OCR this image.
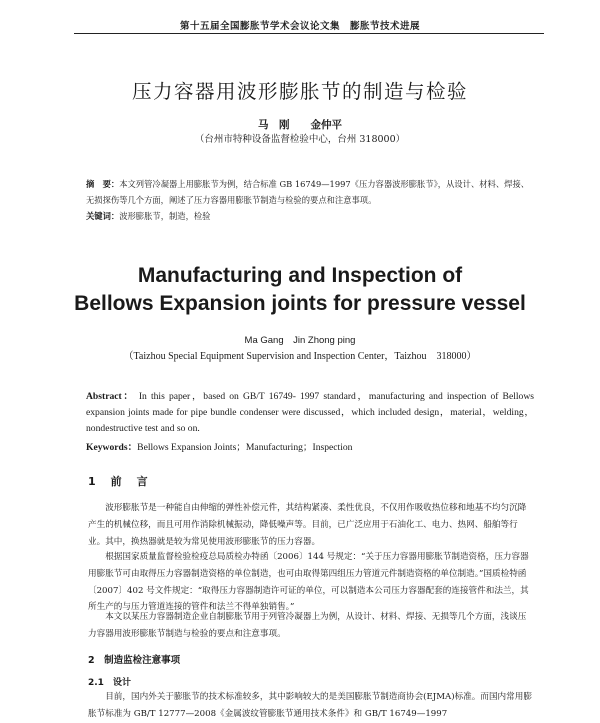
第十五届全国膨胀节学术会议论文集　膨胀节技术进展
压力容器用波形膨胀节的制造与检验
马　刚　　金仲平
（台州市特种设备监督检验中心，台州 318000）
摘　要：本文列管冷凝器上用膨胀节为例，结合标准 GB 16749—1997《压力容器波形膨胀节》，从设计、材料、焊接、无损探伤等几个方面，阐述了压力容器用膨胀节制造与检验的要点和注意事项。
关键词：波形膨胀节，制造，检验
Manufacturing and Inspection of
Bellows Expansion joints for pressure vessel
Ma Gang　Jin Zhong ping
（Taizhou Special Equipment Supervision and Inspection Center，Taizhou　318000）
Abstract： In this paper，based on GB/T 16749- 1997 standard，manufacturing and inspection of Bellows expansion joints made for pipe bundle condenser were discussed，which included design，material，welding，nondestructive test and so on.
Keywords：Bellows Expansion Joints；Manufacturing；Inspection
1　前　言

波形膨胀节是一种能自由伸缩的弹性补偿元件，其结构紧凑、柔性优良，不仅用作吸收热位移和地基不均匀沉降产生的机械位移，而且可用作消除机械振动，降低噪声等。目前，已广泛应用于石油化工、电力、热网、船舶等行业。其中，换热器就是较为常见使用波形膨胀节的压力容器。

根据国家质量监督检验检疫总局质检办特函〔2006〕144 号规定：“关于压力容器用膨胀节制造资格，压力容器用膨胀节可由取得压力容器制造资格的单位制造，也可由取得第四组压力管道元件制造资格的单位制造。”国质检特函〔2007〕402 号文件规定：“取得压力容器制造许可证的单位，可以制造本公司压力容器配套的连接管件和法兰，其所生产的与压力管道连接的管件和法兰不得单独销售。”

本文以某压力容器制造企业自制膨胀节用于列管冷凝器上为例，从设计、材料、焊接、无损等几个方面，浅谈压力容器用波形膨胀节制造与检验的要点和注意事项。

2　制造监检注意事项
2.1　设计

目前，国内外关于膨胀节的技术标准较多，其中影响较大的是美国膨胀节制造商协会(EJMA)标准。而国内常用膨胀节标准为 GB/T 12777—2008《金属波纹管膨胀节通用技术条件》和 GB/T 16749—1997
